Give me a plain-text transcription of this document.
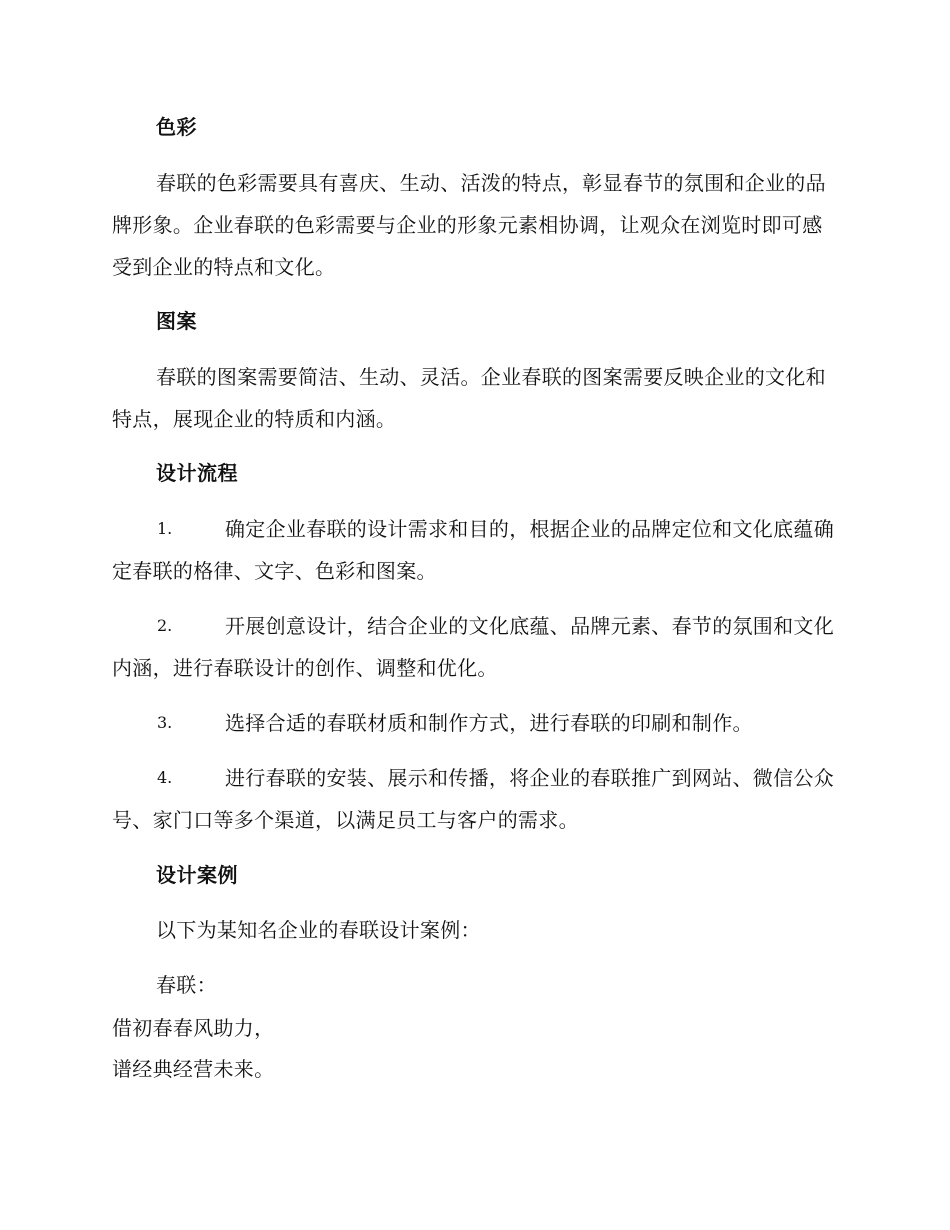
色彩

春联的色彩需要具有喜庆、生动、活泼的特点，彰显春节的氛围和企业的品牌形象。企业春联的色彩需要与企业的形象元素相协调，让观众在浏览时即可感受到企业的特点和文化。

图案

春联的图案需要简洁、生动、灵活。企业春联的图案需要反映企业的文化和特点，展现企业的特质和内涵。

设计流程
1.	确定企业春联的设计需求和目的，根据企业的品牌定位和文化底蕴确定春联的格律、文字、色彩和图案。
2.	开展创意设计，结合企业的文化底蕴、品牌元素、春节的氛围和文化内涵，进行春联设计的创作、调整和优化。
3.	选择合适的春联材质和制作方式，进行春联的印刷和制作。
4.	进行春联的安装、展示和传播，将企业的春联推广到网站、微信公众号、家门口等多个渠道，以满足员工与客户的需求。
设计案例

以下为某知名企业的春联设计案例：

春联：

借初春春风助力，

谱经典经营未来。
